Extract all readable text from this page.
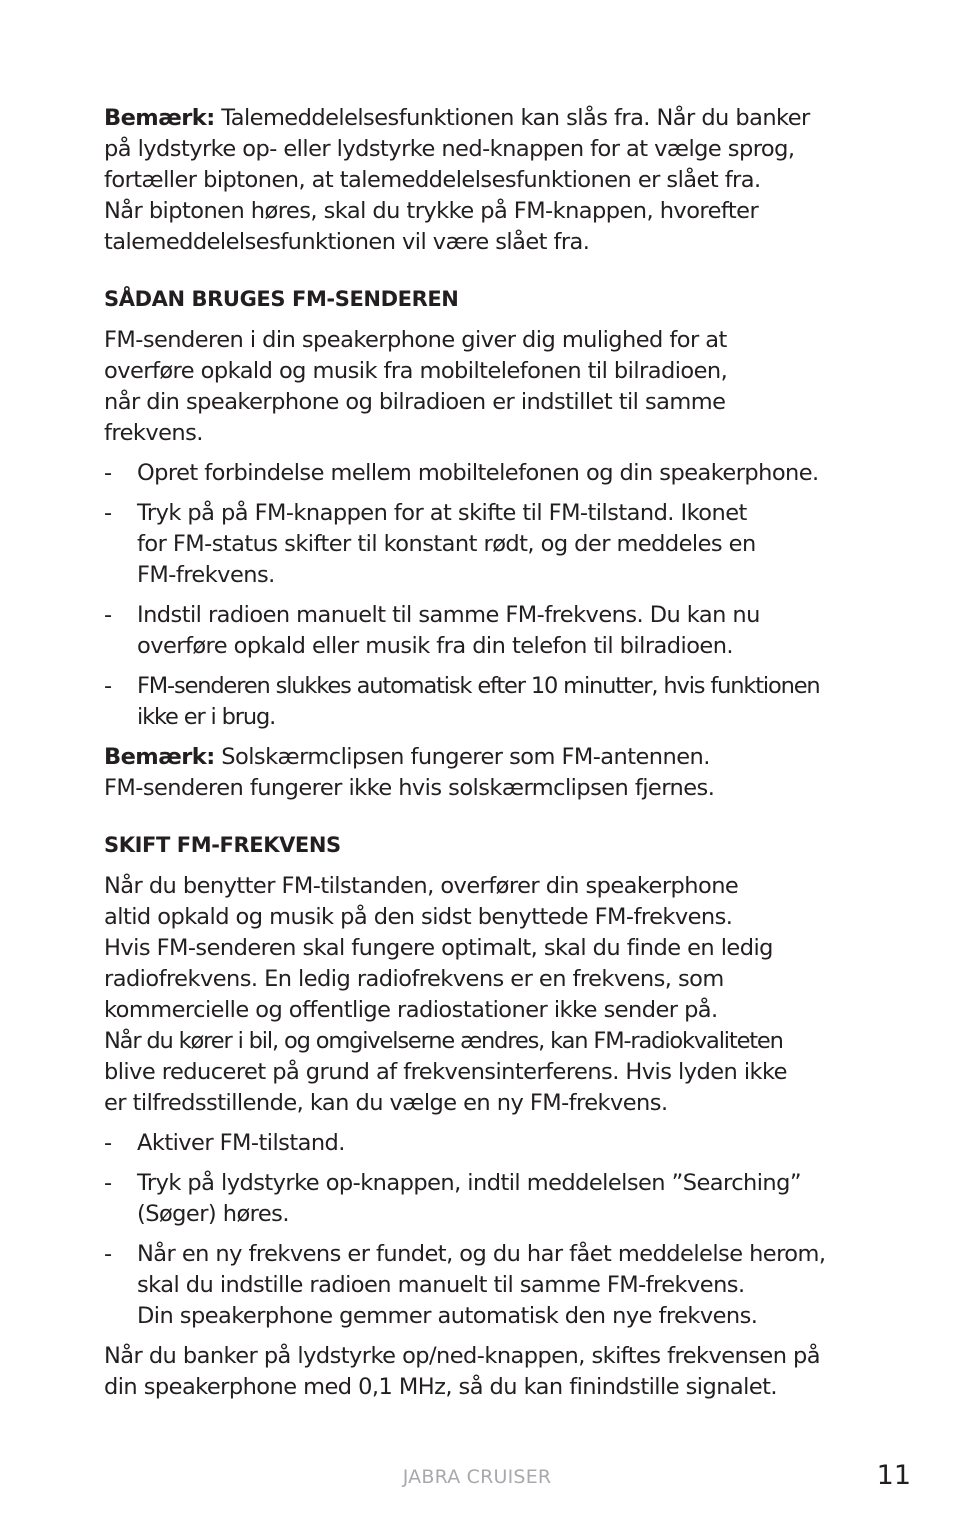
Bemærk: Talemeddelelsesfunktionen kan slås fra. Når du banker
på lydstyrke op- eller lydstyrke ned-knappen for at vælge sprog,
fortæller biptonen, at talemeddelelsesfunktionen er slået fra.
Når biptonen høres, skal du trykke på FM-knappen, hvorefter
talemeddelelsesfunktionen vil være slået fra.

SÅDAN BRUGES FM-SENDEREN

FM-senderen i din speakerphone giver dig mulighed for at
overføre opkald og musik fra mobiltelefonen til bilradioen,
når din speakerphone og bilradioen er indstillet til samme
frekvens.

- Opret forbindelse mellem mobiltelefonen og din speakerphone.
- Tryk på på FM-knappen for at skifte til FM-tilstand. Ikonet
for FM-status skifter til konstant rødt, og der meddeles en
FM-frekvens.
- Indstil radioen manuelt til samme FM-frekvens. Du kan nu
overføre opkald eller musik fra din telefon til bilradioen.
- FM-senderen slukkes automatisk efter 10 minutter, hvis funktionen
ikke er i brug.

Bemærk: Solskærmclipsen fungerer som FM-antennen.
FM-senderen fungerer ikke hvis solskærmclipsen fjernes.

SKIFT FM-FREKVENS

Når du benytter FM-tilstanden, overfører din speakerphone
altid opkald og musik på den sidst benyttede FM-frekvens.
Hvis FM-senderen skal fungere optimalt, skal du finde en ledig
radiofrekvens. En ledig radiofrekvens er en frekvens, som
kommercielle og offentlige radiostationer ikke sender på.
Når du kører i bil, og omgivelserne ændres, kan FM-radiokvaliteten
blive reduceret på grund af frekvensinterferens. Hvis lyden ikke
er tilfredsstillende, kan du vælge en ny FM-frekvens.

- Aktiver FM-tilstand.
- Tryk på lydstyrke op-knappen, indtil meddelelsen ”Searching”
(Søger) høres.
- Når en ny frekvens er fundet, og du har fået meddelelse herom,
skal du indstille radioen manuelt til samme FM-frekvens.
Din speakerphone gemmer automatisk den nye frekvens.

Når du banker på lydstyrke op/ned-knappen, skiftes frekvensen på
din speakerphone med 0,1 MHz, så du kan finindstille signalet.

JABRA CRUISER	11
